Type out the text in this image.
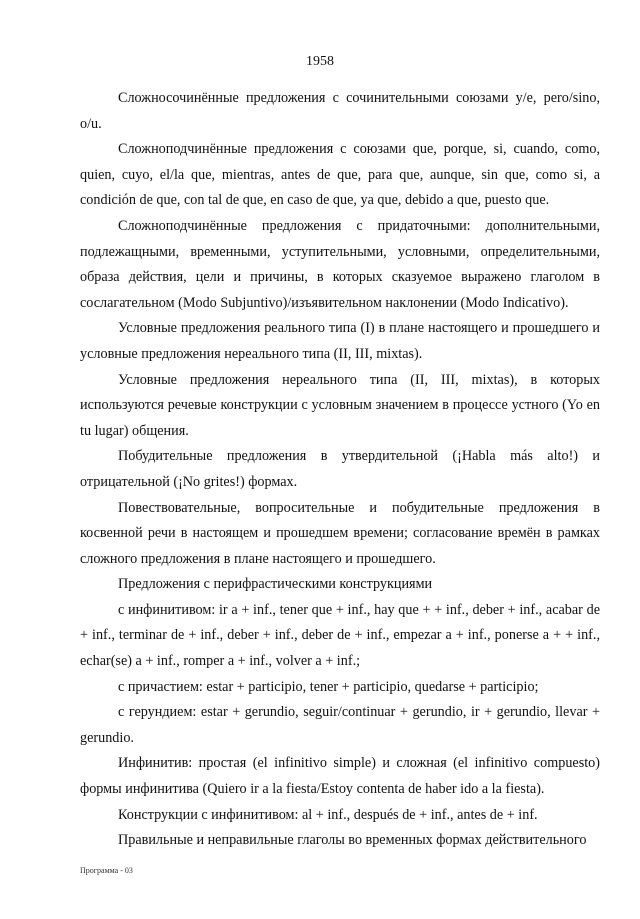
1958

Сложносочинённые предложения с сочинительными союзами y/e, pero/sino, o/u.

Сложноподчинённые предложения с союзами que, porque, si, cuando, como, quien, cuyo, el/la que, mientras, antes de que, para que, aunque, sin que, como si, a condición de que, con tal de que, en caso de que, ya que, debido a que, puesto que.

Сложноподчинённые предложения с придаточными: дополнительными, подлежащными, временными, уступительными, условными, определительными, образа действия, цели и причины, в которых сказуемое выражено глаголом в сослагательном (Modo Subjuntivo)/изъявительном наклонении (Modo Indicativo).

Условные предложения реального типа (I) в плане настоящего и прошедшего и условные предложения нереального типа (II, III, mixtas).

Условные предложения нереального типа (II, III, mixtas), в которых используются речевые конструкции с условным значением в процессе устного (Yo en tu lugar) общения.

Побудительные предложения в утвердительной (¡Habla más alto!) и отрицательной (¡No grites!) формах.

Повествовательные, вопросительные и побудительные предложения в косвенной речи в настоящем и прошедшем времени; согласование времён в рамках сложного предложения в плане настоящего и прошедшего.

Предложения с перифрастическими конструкциями

с инфинитивом: ir a + inf., tener que + inf., hay que + + inf., deber + inf., acabar de + inf., terminar de + inf., deber + inf., deber de + inf., empezar a + inf., ponerse a + + inf., echar(se) a + inf., romper a + inf., volver a + inf.;

с причастием: estar + participio, tener + participio, quedarse + participio;

с герундием: estar + gerundio, seguir/continuar + gerundio, ir + gerundio, llevar + gerundio.

Инфинитив: простая (el infinitivo simple) и сложная (el infinitivo compuesto) формы инфинитива (Quiero ir a la fiesta/Estoy contenta de haber ido a la fiesta).

Конструкции с инфинитивом: al + inf., después de + inf., antes de + inf.

Правильные и неправильные глаголы во временных формах действительного

Программа - 03
